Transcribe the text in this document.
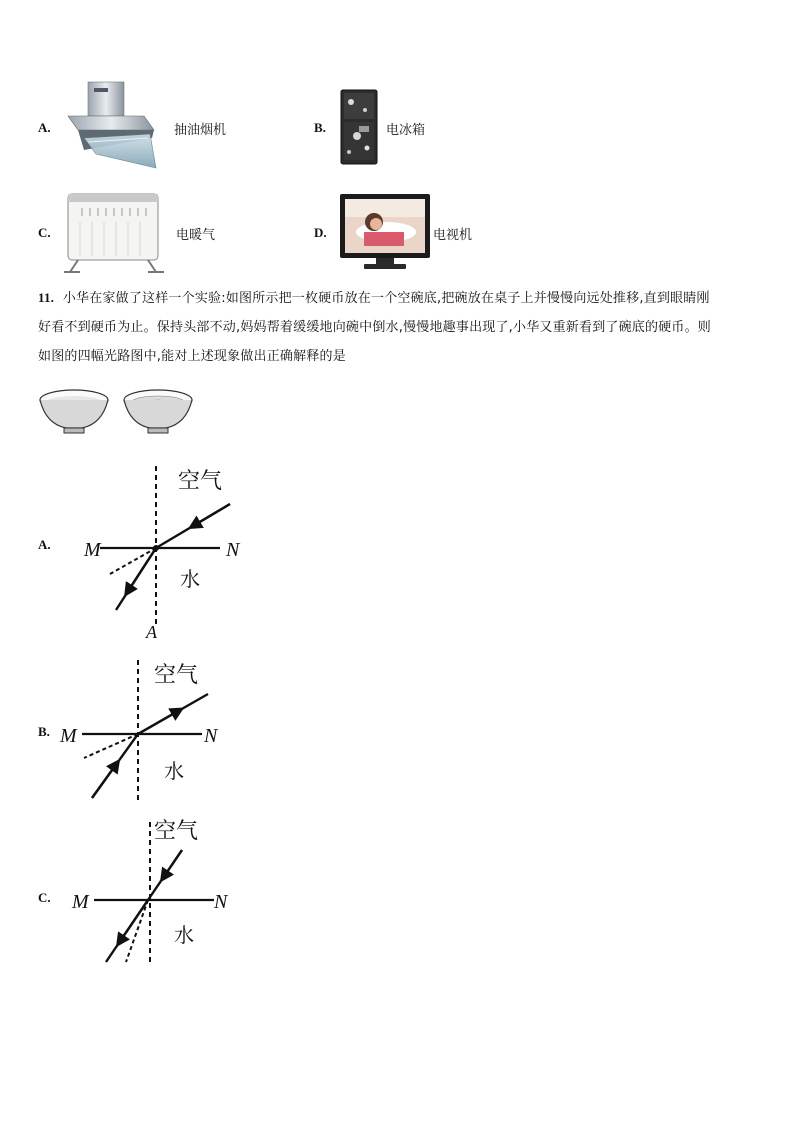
A.	抽油烟机	B.	电冰箱
C.	电暖气	D.	电视机
11. 小华在家做了这样一个实验:如图所示把一枚硬币放在一个空碗底,把碗放在桌子上并慢慢向远处推移,直到眼睛刚
好看不到硬币为止。保持头部不动,妈妈帮着缓缓地向碗中倒水,慢慢地趣事出现了,小华又重新看到了碗底的硬币。则
如图的四幅光路图中,能对上述现象做出正确解释的是
A.
空气
水
M	N
A
B.
空气
水
M	N
C.
空气
水
M	N
